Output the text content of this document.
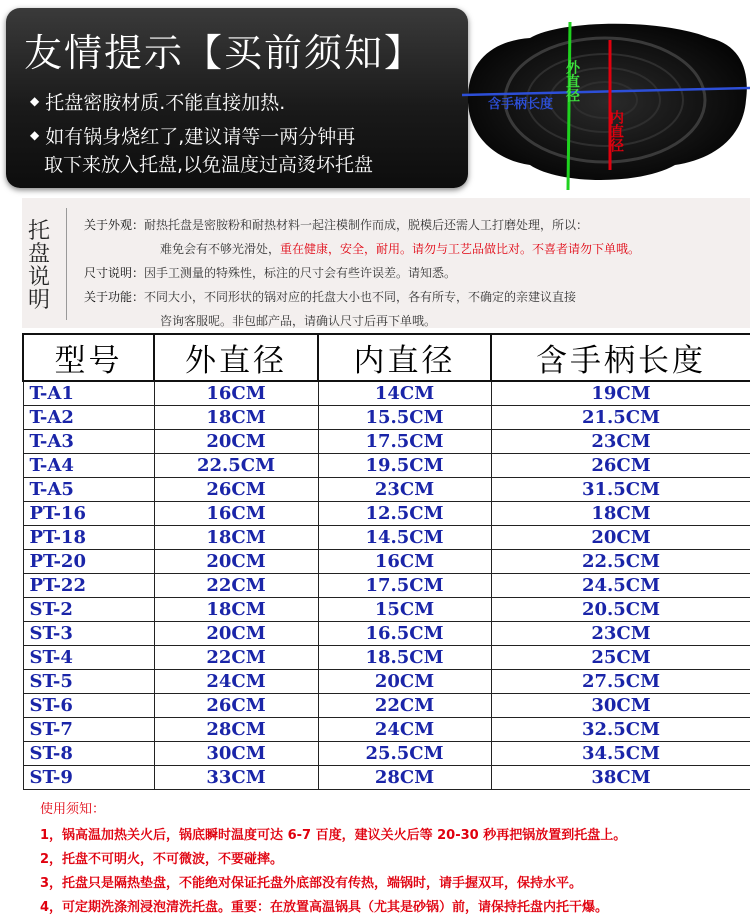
友情提示【买前须知】
◆ 托盘密胺材质.不能直接加热.
◆ 如有锅身烧红了,建议请等一两分钟再
取下来放入托盘,以免温度过高烫坏托盘
外直径
含手柄长度
内直径
托盘说明
关于外观：耐热托盘是密胺粉和耐热材料一起注模制作而成，脱模后还需人工打磨处理，所以：
难免会有不够光滑处，重在健康，安全，耐用。请勿与工艺品做比对。不喜者请勿下单哦。
尺寸说明：因手工测量的特殊性，标注的尺寸会有些许误差。请知悉。
关于功能：不同大小，不同形状的锅对应的托盘大小也不同，各有所专，不确定的亲建议直接
咨询客服呢。非包邮产品，请确认尺寸后再下单哦。
型号	外直径	内直径	含手柄长度
T-A1	16CM	14CM	19CM
T-A2	18CM	15.5CM	21.5CM
T-A3	20CM	17.5CM	23CM
T-A4	22.5CM	19.5CM	26CM
T-A5	26CM	23CM	31.5CM
PT-16	16CM	12.5CM	18CM
PT-18	18CM	14.5CM	20CM
PT-20	20CM	16CM	22.5CM
PT-22	22CM	17.5CM	24.5CM
ST-2	18CM	15CM	20.5CM
ST-3	20CM	16.5CM	23CM
ST-4	22CM	18.5CM	25CM
ST-5	24CM	20CM	27.5CM
ST-6	26CM	22CM	30CM
ST-7	28CM	24CM	32.5CM
ST-8	30CM	25.5CM	34.5CM
ST-9	33CM	28CM	38CM
使用须知：
1，锅高温加热关火后，锅底瞬时温度可达 6-7 百度，建议关火后等 20-30 秒再把锅放置到托盘上。
2，托盘不可明火，不可微波，不要碰摔。
3，托盘只是隔热垫盘，不能绝对保证托盘外底部没有传热，端锅时，请手握双耳，保持水平。
4，可定期洗涤剂浸泡清洗托盘。重要：在放置高温锅具（尤其是砂锅）前，请保持托盘内托干爆。
